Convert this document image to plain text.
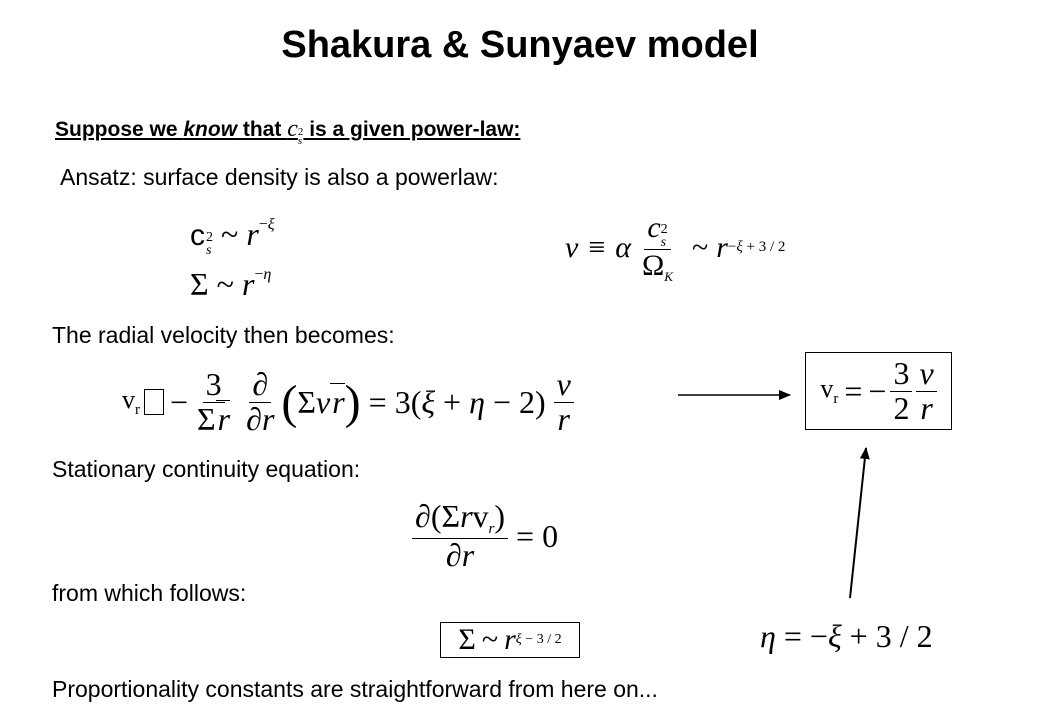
Shakura & Sunyaev model
Suppose we know that c 2
s is a given power-law:
Ansatz: surface density is also a powerlaw:
c 2
s ~ $r^{-\xi}$
Σ ~ $r^{-\eta}$
ν ≡ α c 2
s
$\Omega_K$ ~ r −ξ + 3 / 2
The radial velocity then becomes:
$v_r - \frac{3}{\Sigma r} \frac{\partial}{\partial r}$ ( Σνr ) = $3(\xi + \eta - 2) \frac{\nu}{r}$	$v_r$ = − $\frac{3}{2} \frac{\nu}{r}$
Stationary continuity equation:
$\frac{\text{∂(Σrvr)}}{\partial r} = 0$
from which follows:
Σ ~ r ξ − 3 / 2	η = −ξ + 3 / 2
Proportionality constants are straightforward from here on...
